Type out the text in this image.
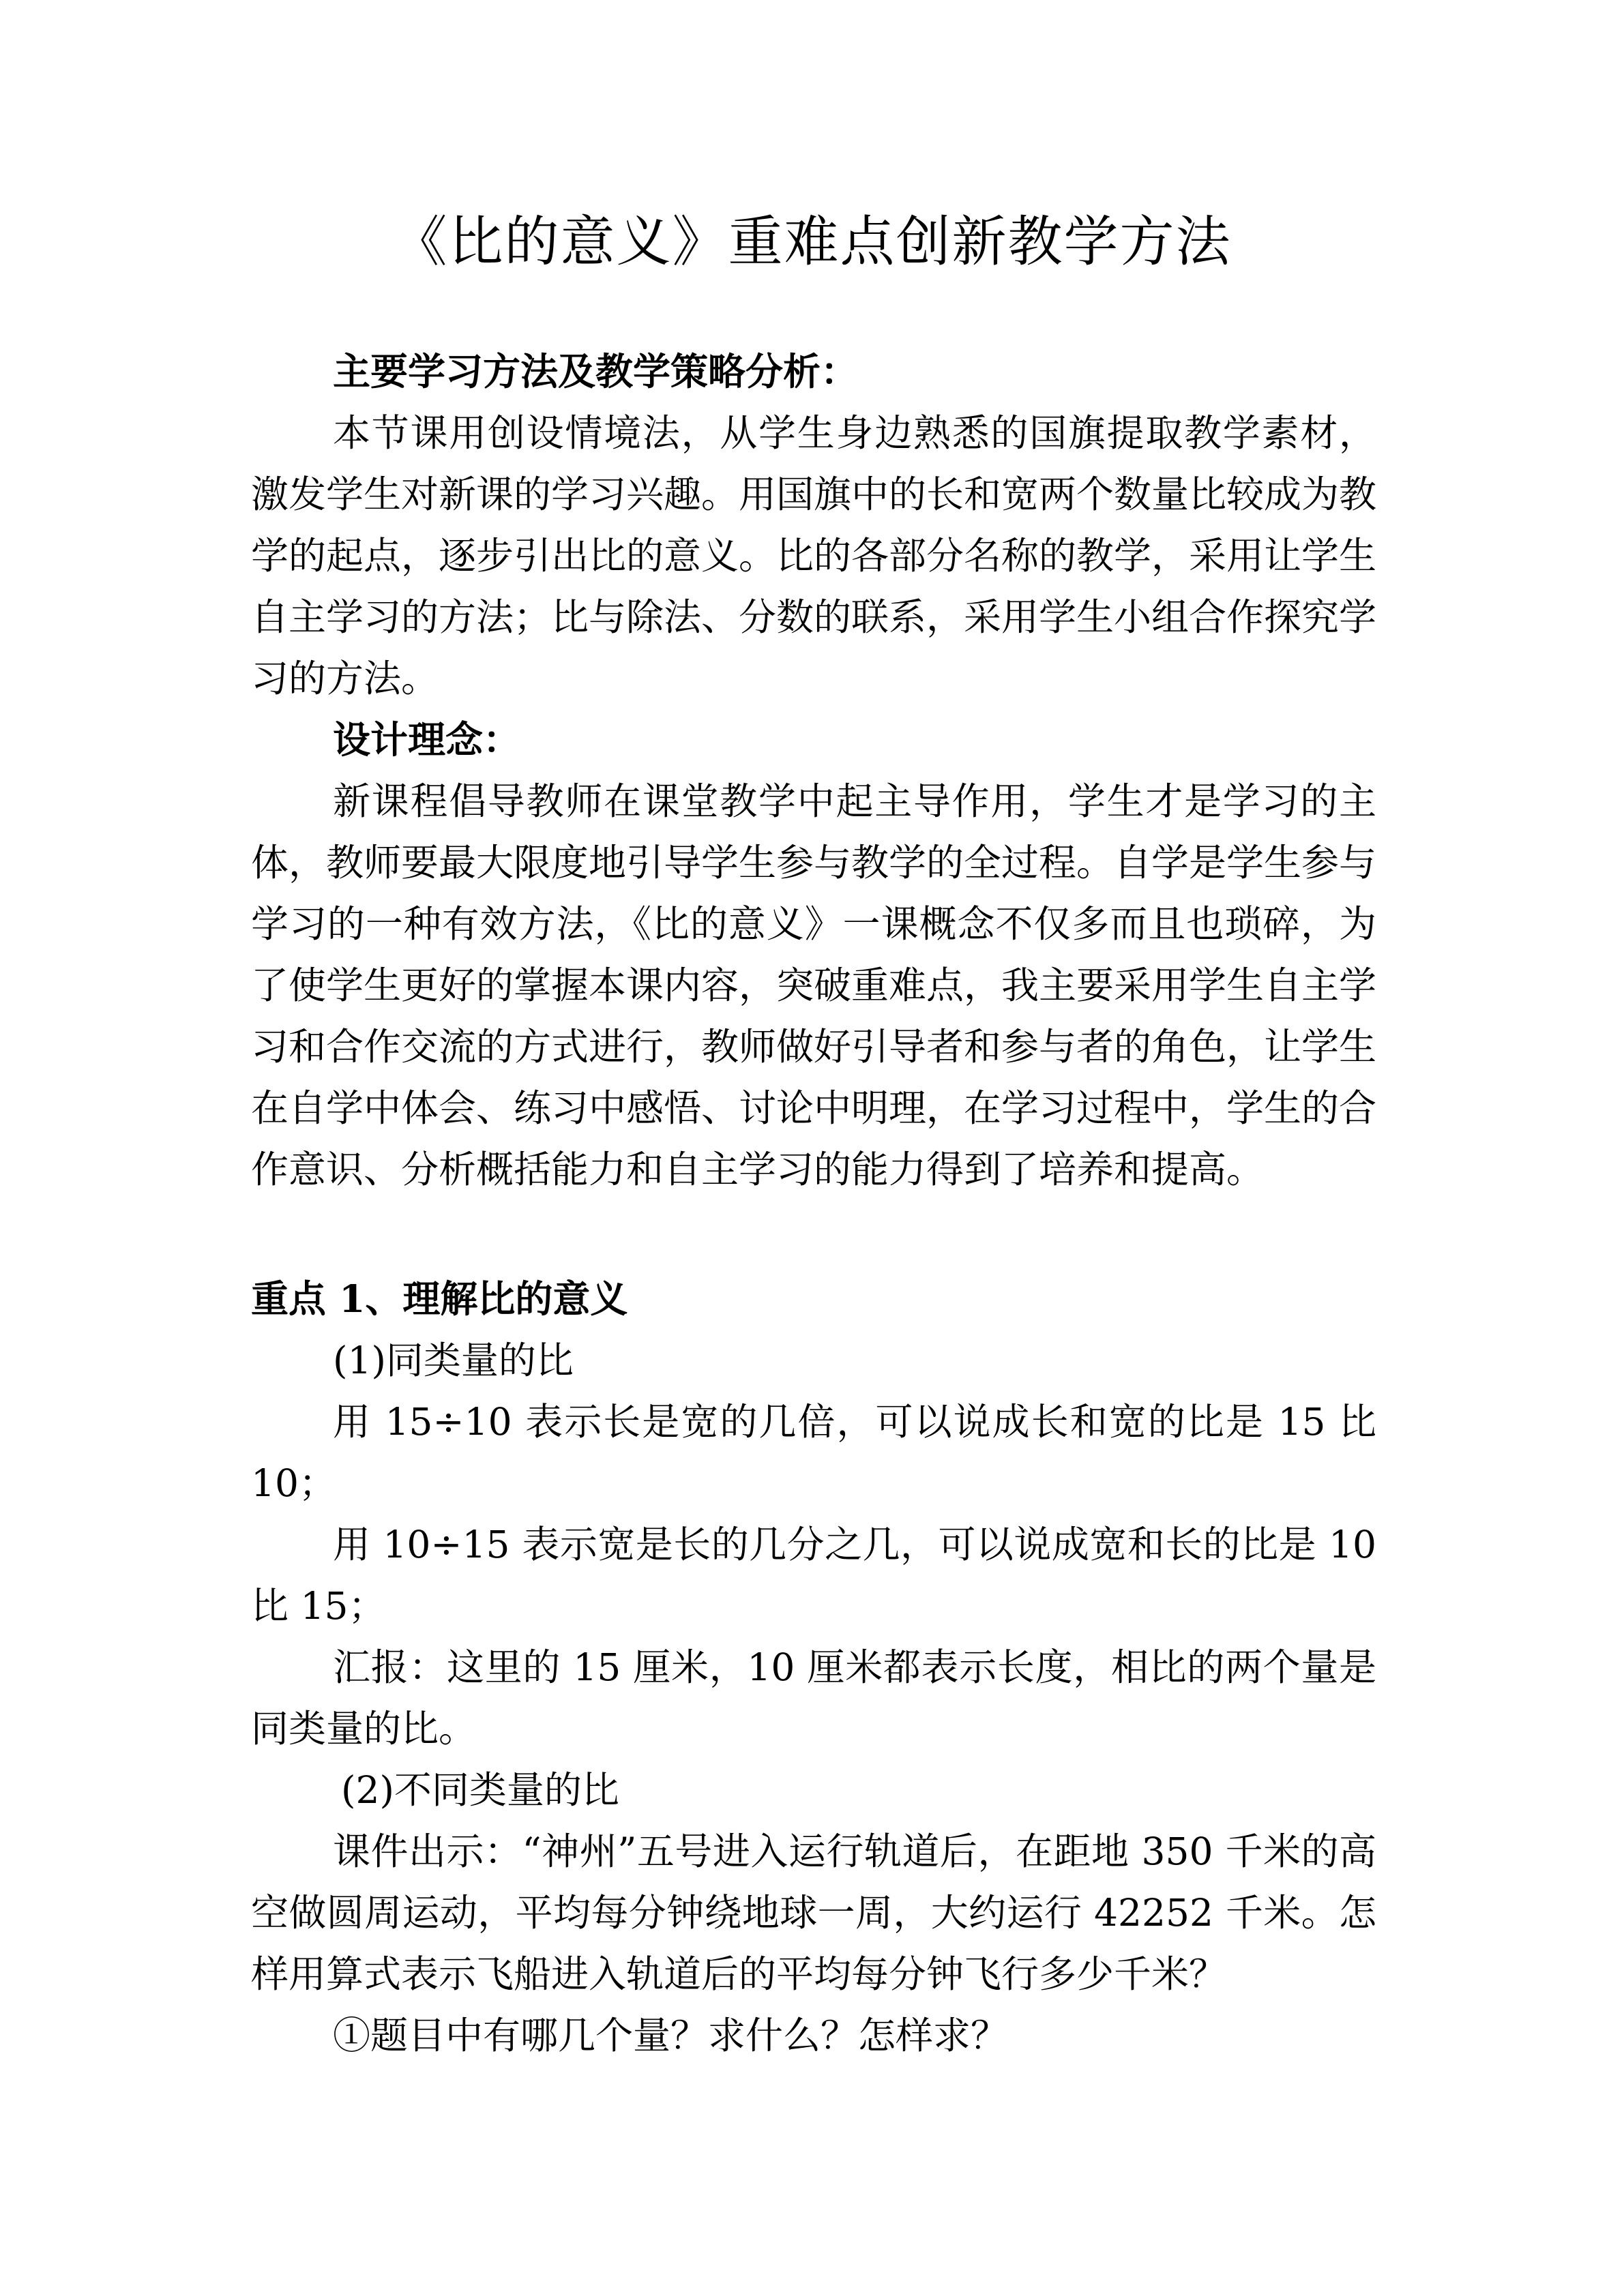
《比的意义》重难点创新教学方法

主要学习方法及教学策略分析：

本节课用创设情境法，从学生身边熟悉的国旗提取教学素材，激发学生对新课的学习兴趣。用国旗中的长和宽两个数量比较成为教学的起点，逐步引出比的意义。比的各部分名称的教学，采用让学生自主学习的方法；比与除法、分数的联系，采用学生小组合作探究学习的方法。

设计理念：

新课程倡导教师在课堂教学中起主导作用，学生才是学习的主体，教师要最大限度地引导学生参与教学的全过程。自学是学生参与学习的一种有效方法，《比的意义》一课概念不仅多而且也琐碎，为了使学生更好的掌握本课内容，突破重难点，我主要采用学生自主学习和合作交流的方式进行，教师做好引导者和参与者的角色，让学生在自学中体会、练习中感悟、讨论中明理，在学习过程中，学生的合作意识、分析概括能力和自主学习的能力得到了培养和提高。

重点 1、理解比的意义

(1)同类量的比

用 15÷10 表示长是宽的几倍，可以说成长和宽的比是 15 比 10；

用 10÷15 表示宽是长的几分之几，可以说成宽和长的比是 10 比 15；

汇报：这里的 15 厘米，10 厘米都表示长度，相比的两个量是同类量的比。

(2)不同类量的比

课件出示：“神州”五号进入运行轨道后，在距地 350 千米的高空做圆周运动，平均每分钟绕地球一周，大约运行 42252 千米。怎样用算式表示飞船进入轨道后的平均每分钟飞行多少千米？

①题目中有哪几个量？求什么？怎样求？
